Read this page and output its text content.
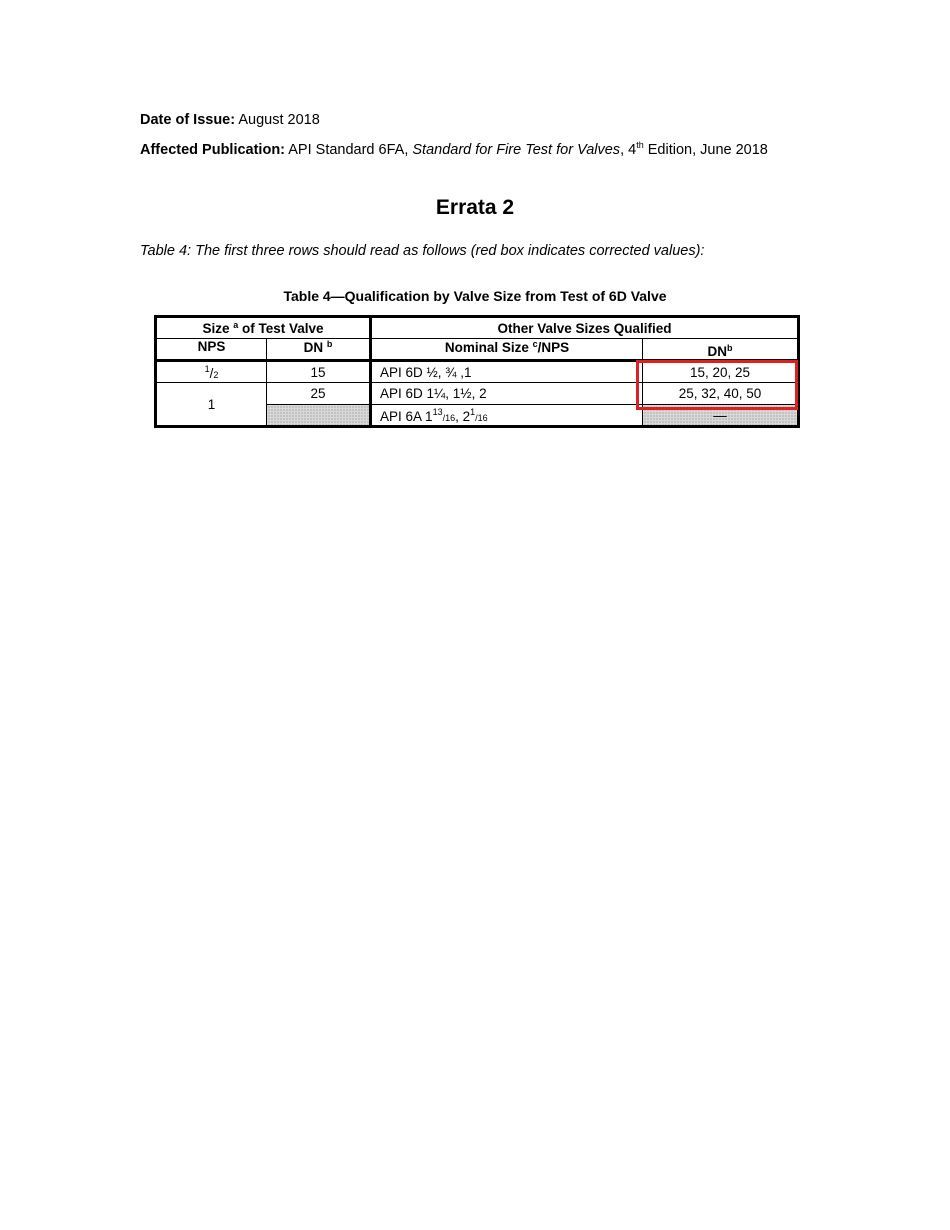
Date of Issue: August 2018
Affected Publication: API Standard 6FA, Standard for Fire Test for Valves, 4th Edition, June 2018
Errata 2
Table 4: The first three rows should read as follows (red box indicates corrected values):
Table 4—Qualification by Valve Size from Test of 6D Valve
Size $^a$ of Test Valve		Other Valve Sizes Qualified	
NPS	DN $^b$	Nominal Size $^c$/NPS	$DN^b$
$^1$/2	15	API 6D ½, ¾ ,1	15, 20, 25
1	25	API 6D 1¼, 1½, 2	25, 32, 40, 50
		API 6A $1^{13}/16$, $2^1/16$	—
